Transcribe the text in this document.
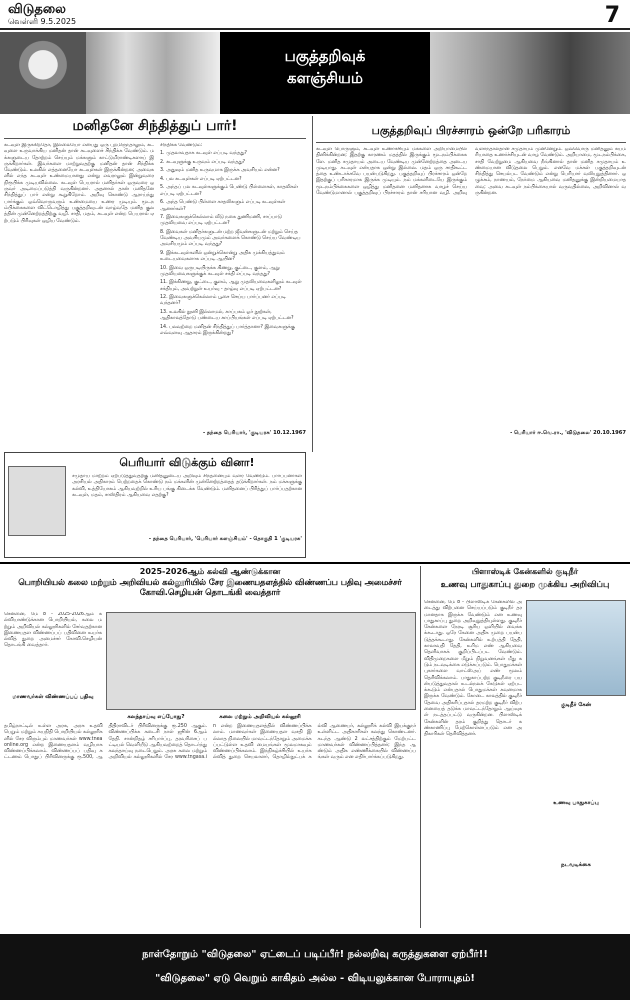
விடுதலை
வெள்ளி 9.5.2025	7
பகுத்தறிவுக்
களஞ்சியம்
மனிதனே சிந்தித்துப் பார்!
கடவுள் இருக்கிறதோ, இல்லையோ என்பது ஒரு புறமிருந்தாலும், கடவுளை உருவாக்கிய மனிதன் தான் கடவுளைச் சிந்திக்க வேண்டும். மக்களுடைய தோற்றம் செய்யும் மக்களும் காட்டுமிராண்டிகளாய் இருக்கிறார்கள். இவர்களை மாற்றுவதற்கு மனிதன் தான் சிந்திக்க வேண்டும். உலகில் எத்தனையோ கடவுள்கள் இருக்கின்றன; அவைகளில் எந்த கடவுள் உண்மையானது என்று எவராலும் இன்றுவரை நிரூபிக்க முடியவில்லை. கடவுள் பெயரால் மனிதர்கள் ஒருவரை ஒருவர் அடிமைப்படுத்தி வருகின்றனர். அதனால் தான் மனிதனே சிந்தித்துப் பார் என்று கூறுகிறோம். அறிவு கொண்டு ஆராய்ந்து பார்க்கும் ஒவ்வொருவரும் உண்மையை உணர முடியும். மூடநம்பிக்கைகளை விட்டொழித்து பகுத்தறிவுடன் வாழ்வதே மனித குலத்தின் முன்னேற்றத்திற்கு வழி. சாதி, மதம், கடவுள் என்ற பெயரால் ஏற்படும் பிரிவுகள் ஒழிய வேண்டும்.
சிந்திக்க வேண்டும்:
1. முதலாவதாக கடவுள் எப்படி வந்தது?
2. கடவுளுக்கு உருவம் எப்படி வந்தது?
3. அதுவும் மனித உருவமாக இருக்க அவசியம் என்ன?
4. பல கடவுள்கள் எப்படி ஏற்பட்டன?
5. அந்தப் பல கடவுள்களுக்கும் பெண்டு பிள்ளைகள், காதலிகள் எப்படி ஏற்பட்டன?
6. அந்த பெண்டு பிள்ளை காதலிகளும் எப்படி கடவுள்கள் ஆனார்கள்?
7. இவைகளுக்கெல்லாம் வீடு நகை துணிமணி, சாப்பாடு முதலியவை எப்படி ஏற்பட்டன?
8. இவைகள் மனிதர்களுடன் மற்ற ஜீவன்களுடன் மற்றும் செய்த வேண்டிய அவசியமும் அவர்களைக் கொண்டு செய்ய வேண்டிய அவசியமும் எப்படி வந்தது?
9. இக்கடவுள்களில் ஒன்றுக்கொன்று அதிக முக்கியத்துவம் உடையவைகளாக எப்படி ஆயின?
10. இவை ஒருபடியிருக்க கிணறு, குட்டை, குளம், ஆறு முதலியவைகளுக்குக் கடவுள் சக்தி எப்படி வந்தது?
11. இக்கிணறு, குட்டை, குளம், ஆறு முதலியவைகளிலும் கடவுள் சக்தியும், அவற்றுள் உயர்வு - தாழ்வு எப்படி ஏற்பட்டன?
12. இவைகளுக்கெல்லாம் பூசை செய்ய பார்ப்பனர் எப்படி வந்தனர்?
13. உலகில் நூனி இல்லாமல், காப்பகம் ஓர் நூற்கள், ஆதிகாலத்தோடு பண்டைய காப்பியங்கள் எப்படி ஏற்பட்டன?
14. பலவற்றை மனிதன் சிந்தித்துப் பார்த்தானா? இவைகளுக்கு எவ்வளவு ஆதாரம் இருக்கின்றது?
- தந்தை பெரியார், 'குடியரசு' 10.12.1967
பகுத்தறிவுப் பிரச்சாரம் ஒன்றே பரிகாரம்
கடவுள் பொருளும், கடவுள் உணர்ச்சியும் மக்களை அறியாமையில் தினிக்கின்றன; இதற்கு காரணம் மதத்தில் இருக்கும் மூடநம்பிக்கைகளே. மனித சமுதாயம் அடைய வேண்டிய முன்னேற்றத்தை அடைய முடியாது. கடவுள் என்பதாக ஒன்று இல்லை. மதம் ஒரு சாதிகூட்டத்தை உண்டாக்கவே பயன்படுகிறது. பகுத்தறிவுப் பிரச்சாரம் ஒன்றே இதற்குப் பரிகாரமாக இருக்க முடியும். நம் மக்களிடையே இருக்கும் மூடநம்பிக்கைகளை ஒழித்து மனிதனை மனிதனாக வாழச் செய்ய வேண்டுமானால் பகுத்தறிவுப் பிரச்சாரம் தான் சரியான வழி. அறிவு வளர்ந்தால்தான் சமுதாயம் முன்னேறும். ஒவ்வொரு மனிதனும் சுயமரியாதை உணர்ச்சியுடன் வாழ வேண்டும். அறியாமை, மூடநம்பிக்கை, சாதி வேற்றுமை ஆகியவை நீங்கினால் தான் மனித சமுதாயம் உண்மையான விடுதலை பெறும். எனவே மக்கள் பகுத்தறிவுடன் சிந்தித்து செயல்பட வேண்டும் என்று பெரியார் வலியுறுத்தினார். ஒழுக்கம், நாணயம், நேர்மை ஆகியவை மனிதனுக்கு இன்றியமையாதவை; அவை கடவுள் நம்பிக்கையால் வருவதில்லை, அறிவினால் வருகின்றன.
- பெரியார் ஈ.வெ.ரா., 'விடுதலை' 20.10.1967
பெரியார் விடுக்கும் வினா!
சமுதாய மாற்றம் ஏற்படுத்துவதற்கு மனிதனுடைய அறிவும் சிந்தனையும் வளர வேண்டும். பார்ப்பனர்கள் அரசியல் அதிகாரம் பெற்றதைக் கொண்டு நம் மக்களின் முன்னேற்றத்தைத் தடுக்கிறார்கள். நம் மக்களுக்கு கல்வி, உத்தியோகம் ஆகியவற்றில் உரிய பங்கு கிடைக்க வேண்டும். மனிதனைப் பிரித்துப் பார்ப்பதற்கான கடவுள், மதம், சாஸ்திரம் ஆகியவை எதற்கு?
- தந்தை பெரியார், 'பெரியார் களஞ்சியம்' - தொகுதி 1 'குடியரசு'
2025-2026ஆம் கல்வி ஆண்டுக்கான
பொறியியல் கலை மற்றும் அறிவியல் கல்லூரியில் சேர இணையதளத்தில் விண்ணப்ப பதிவு அமைச்சர் கோவி.செழியன் தொடங்கி வைத்தார்
சென்னை, மே 8 - 2025-2026ஆம் கல்வியாண்டுக்கான பொறியியல், கலை மற்றும் அறிவியல் கல்லூரிகளில் சேர்வதற்கான இணையதள விண்ணப்பப் பதிவினை உயர்கல்வித் துறை அமைச்சர் கோவி.செழியன் தொடங்கி வைத்தார்.
மாணவர்கள் விண்ணப்பப் பதிவு
கலந்தாய்வு எப்போது?	கலை மற்றும் அறிவியல் கல்லூரி
தமிழ்நாட்டில் உள்ள அரசு, அரசு உதவி பெறும் மற்றும் சுயநிதி பொறியியல் கல்லூரிகளில் சேர விரும்பும் மாணவர்கள் www.tneaonline.org என்ற இணையதளம் வழியாக விண்ணப்பிக்கலாம். விண்ணப்பப் பதிவு கட்டணம் பொதுப் பிரிவினருக்கு ரூ.500, ஆதிதிராவிடர் பிரிவினருக்கு ரூ.250 ஆகும். விண்ணப்பிக்க கடைசி நாள் ஜூன் 6ஆம் தேதி. சான்றிதழ் சரிபார்ப்பு, தரவரிசைப் பட்டியல் வெளியீடு ஆகியவற்றைத் தொடர்ந்து கலந்தாய்வு நடைபெறும். அரசு கலை மற்றும் அறிவியல் கல்லூரிகளில் சேர www.tngasa.in என்ற இணையதளத்தில் விண்ணப்பிக்கலாம். மாணவர்கள் இணையதள வசதி இல்லாத நிலையில் மாவட்டந்தோறும் அமைக்கப்பட்டுள்ள உதவி மையங்கள் மூலமாகவும் விண்ணப்பிக்கலாம். இந்நிகழ்ச்சியில் உயர்கல்வித் துறை செயலாளர், தொழில்நுட்பக் கல்வி ஆணையர், கல்லூரிக் கல்வி இயக்குநர் உள்ளிட்ட அதிகாரிகள் கலந்து கொண்டனர். கடந்த ஆண்டு 2 லட்சத்திற்கும் மேற்பட்ட மாணவர்கள் விண்ணப்பித்தனர்; இந்த ஆண்டும் அதிக எண்ணிக்கையில் விண்ணப்பங்கள் வரும் என எதிர்பார்க்கப்படுகிறது.
பிளாஸ்டிக் கேன்களில் குடிநீர்
உணவு பாதுகாப்பு துறை முக்கிய அறிவிப்பு
சென்னை, மே 8 - பிளாஸ்டிக் கேன்களில் அடைத்து விற்பனை செய்யப்படும் குடிநீர் தரமானதாக இருக்க வேண்டும் என உணவு பாதுகாப்பு துறை அறிவுறுத்தியுள்ளது. குடிநீர் கேன்களை நேரடி சூரிய ஒளியில் வைக்கக்கூடாது. ஒரே கேனை அதிக முறை பயன்படுத்தக்கூடாது. கேன்களில் உற்பத்தி தேதி, காலாவதி தேதி, உரிம எண் ஆகியவை தெளிவாகக் குறிப்பிடப்பட வேண்டும். விதிமுறைகளை மீறும் நிறுவனங்கள் மீது கடும் நடவடிக்கை எடுக்கப்படும். பொதுமக்கள் புகார்களை வாட்ஸ்அப் எண் மூலம் தெரிவிக்கலாம். பாதுகாப்பற்ற குடிநீரை பயன்படுத்துவதால் உடல்நலக் கேடுகள் ஏற்படக்கூடும் என்பதால் பொதுமக்கள் கவனமாக இருக்க வேண்டும். கோடை காலத்தில் குடிநீர் தேவை அதிகரிப்பதால் தரமற்ற குடிநீர் விற்பனையைத் தடுக்க மாவட்டந்தோறும் ஆய்வுகள் நடத்தப்பட்டு வருகின்றன. பிளாஸ்டிக் கேன்களின் தரம் குறித்து தொடர் கண்காணிப்பு மேற்கொள்ளப்படும் என அதிகாரிகள் தெரிவித்தனர்.
குடிநீர் கேன்
உணவு பாதுகாப்பு
நடவடிக்கை
நாள்தோறும் "விடுதலை" ஏட்டைப் படிப்பீர்! நல்லறிவு கருத்துகளை ஏற்பீர்!!
"விடுதலை" ஏடு வெறும் காகிதம் அல்ல - விடியலுக்கான போராயுதம்!
